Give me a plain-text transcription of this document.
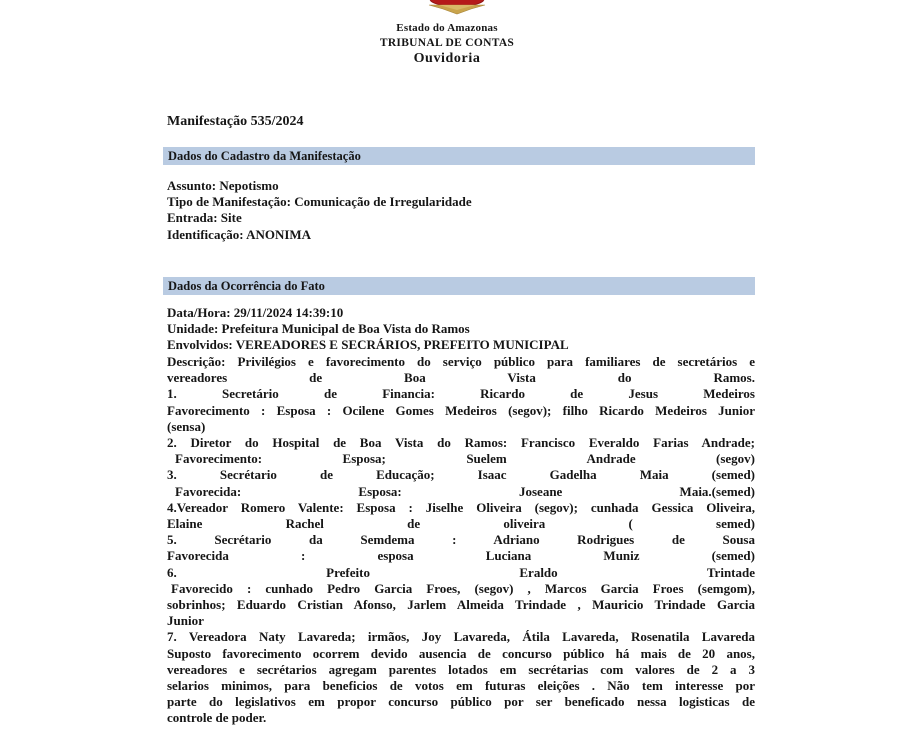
Estado do Amazonas
TRIBUNAL DE CONTAS
Ouvidoria
Manifestação 535/2024
Dados do Cadastro da Manifestação
Assunto: Nepotismo
Tipo de Manifestação: Comunicação de Irregularidade
Entrada: Site
Identificação: ANONIMA
Dados da Ocorrência do Fato
Data/Hora: 29/11/2024 14:39:10
Unidade: Prefeitura Municipal de Boa Vista do Ramos
Envolvidos: VEREADORES E SECRÁRIOS, PREFEITO MUNICIPAL
Descrição: Privilégios e favorecimento do serviço público para familiares de secretários e
vereadores de Boa Vista do Ramos.
1. Secretário de Financia: Ricardo de Jesus Medeiros
Favorecimento : Esposa : Ocilene Gomes Medeiros (segov); filho Ricardo Medeiros Junior
(sensa)
2. Diretor do Hospital de Boa Vista do Ramos: Francisco Everaldo Farias Andrade;
Favorecimento: Esposa; Suelem Andrade (segov)
3. Secrétario de Educação; Isaac Gadelha Maia (semed)
Favorecida: Esposa: Joseane Maia.(semed)
4.Vereador Romero Valente: Esposa : Jiselhe Oliveira (segov); cunhada Gessica Oliveira,
Elaine Rachel de oliveira ( semed)
5. Secrétario da Semdema : Adriano Rodrigues de Sousa
Favorecida : esposa Luciana Muniz (semed)
6. Prefeito Eraldo Trintade
Favorecido : cunhado Pedro Garcia Froes, (segov) , Marcos Garcia Froes (semgom),
sobrinhos; Eduardo Cristian Afonso, Jarlem Almeida Trindade , Mauricio Trindade Garcia
Junior
7. Vereadora Naty Lavareda; irmãos, Joy Lavareda, Átila Lavareda, Rosenatila Lavareda
Suposto favorecimento ocorrem devido ausencia de concurso público há mais de 20 anos,
vereadores e secrétarios agregam parentes lotados em secrétarias com valores de 2 a 3
selarios minimos, para beneficios de votos em futuras eleições . Não tem interesse por
parte do legislativos em propor concurso público por ser beneficado nessa logisticas de
controle de poder.
